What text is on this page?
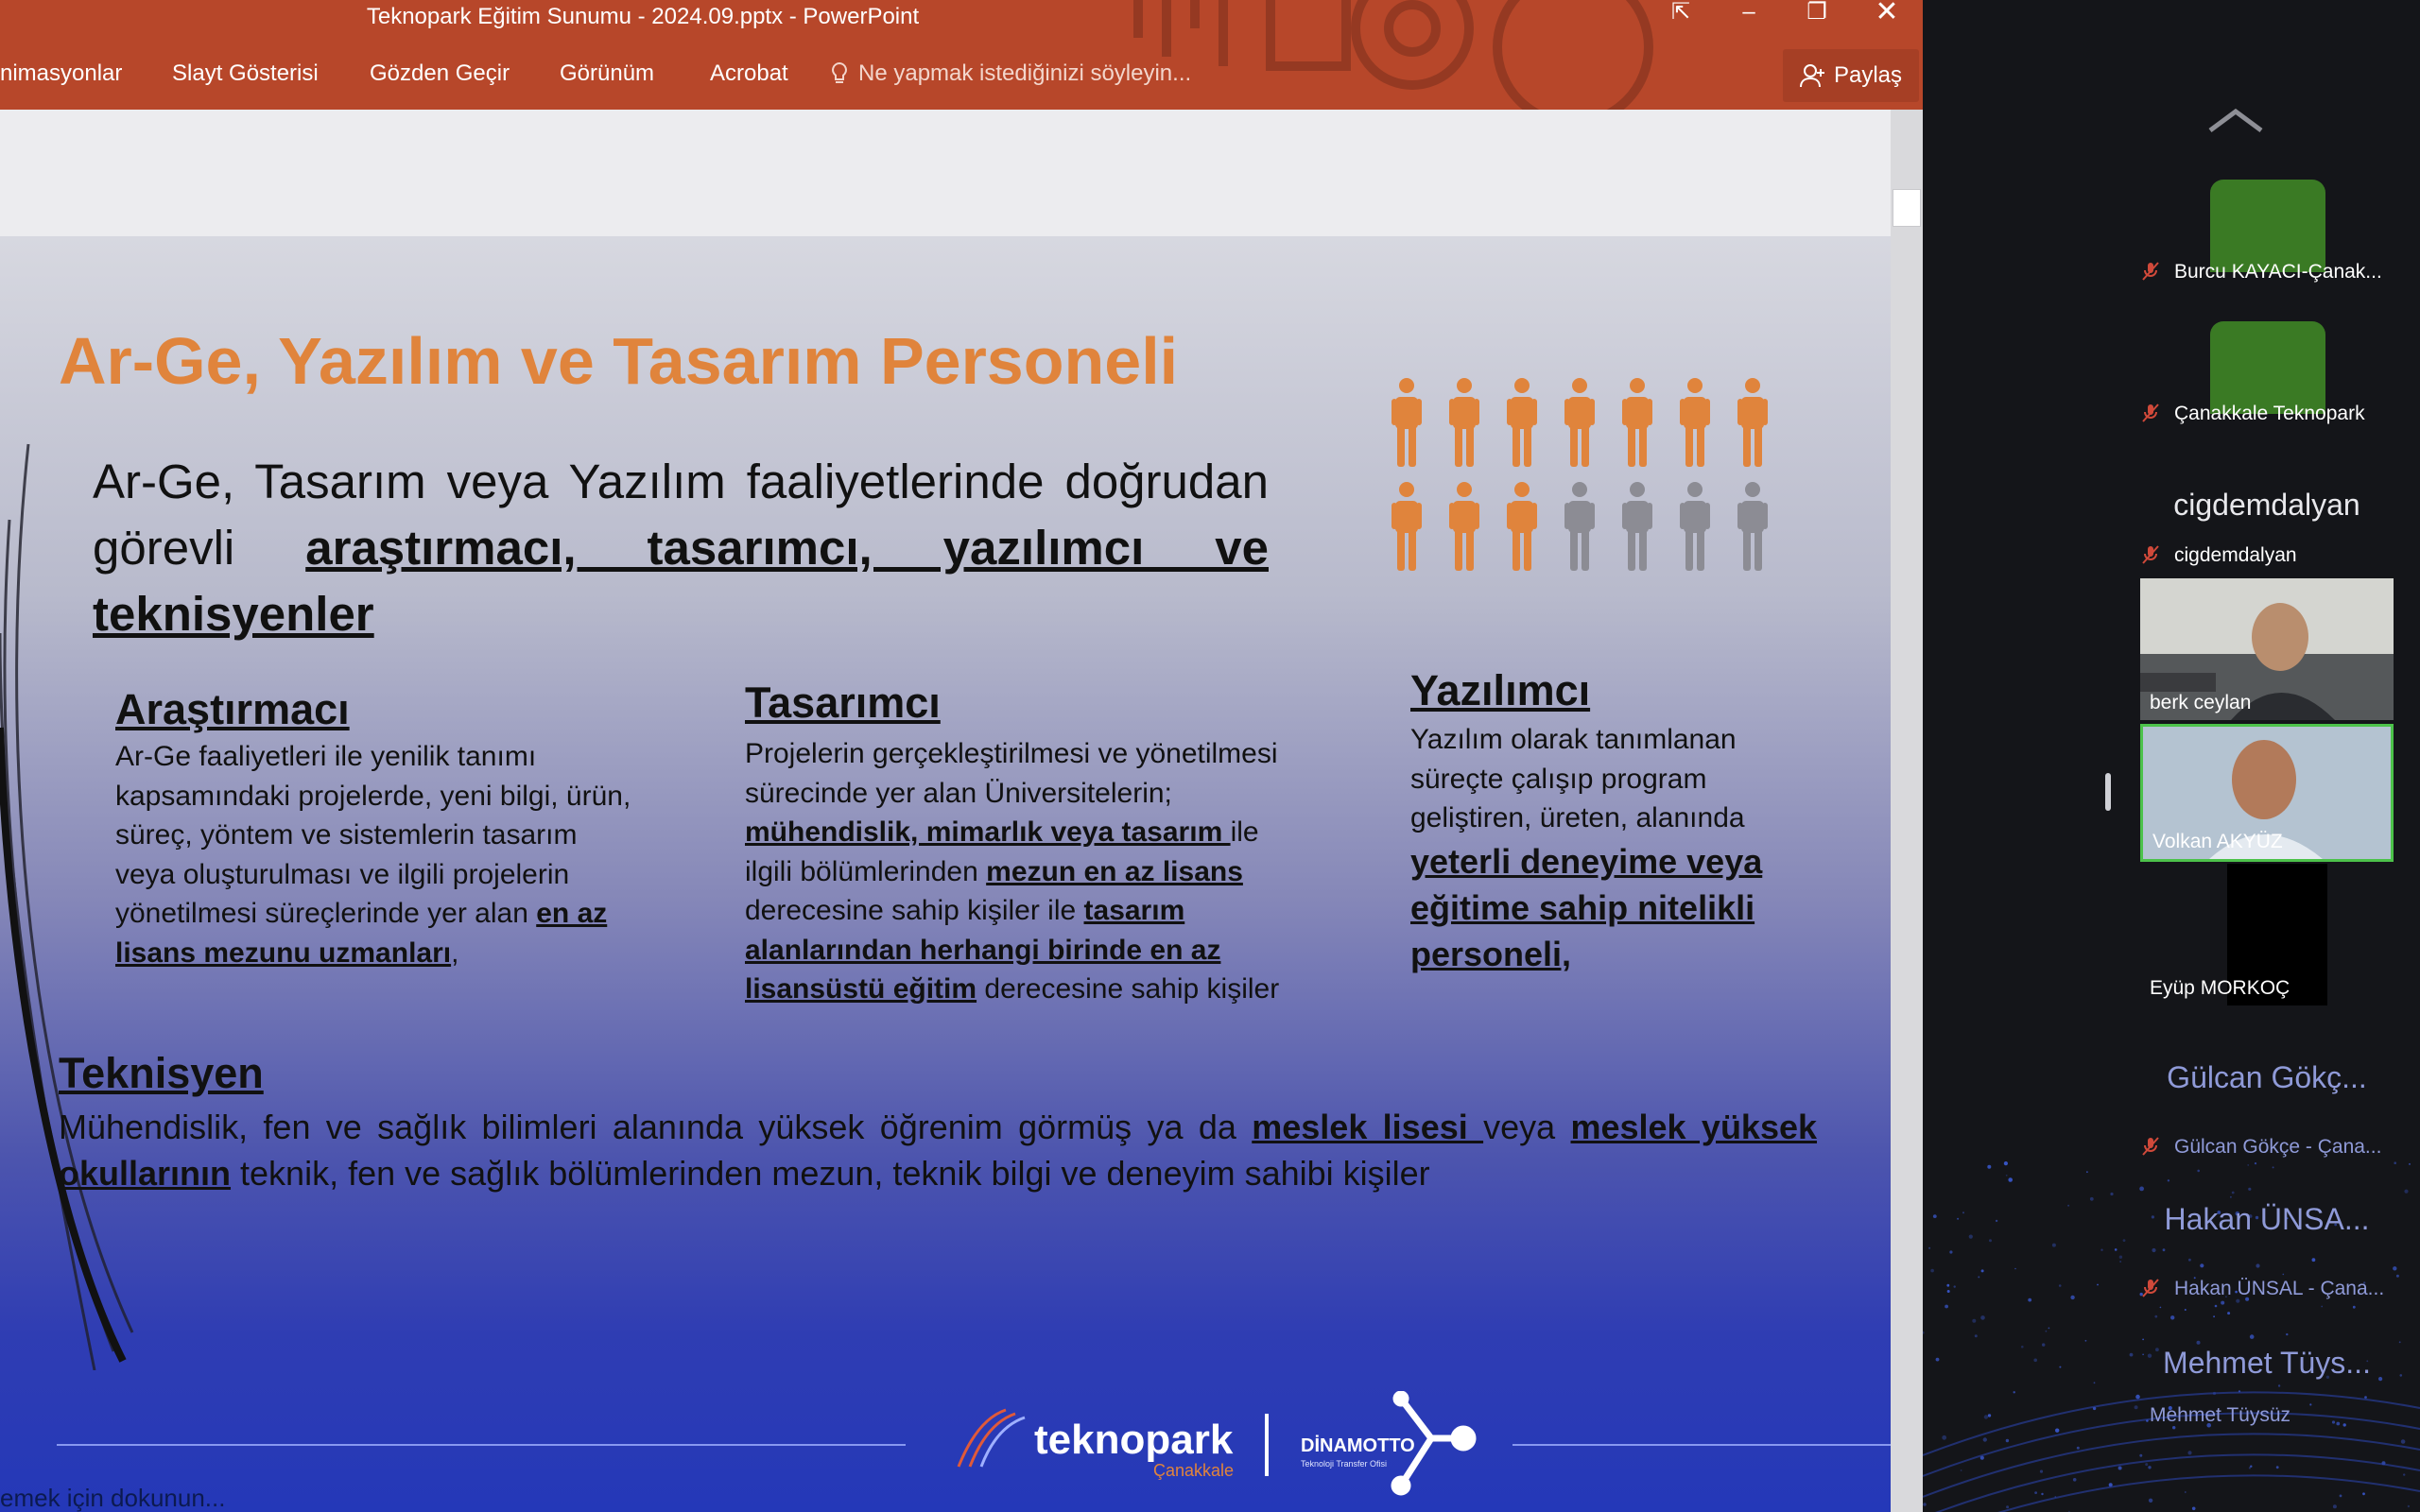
Teknopark Eğitim Sunumu - 2024.09.pptx - PowerPoint	⇱	–	❐	✕
nimasyonlar Slayt Gösterisi Gözden Geçir Görünüm Acrobat	Ne yapmak istediğinizi söyleyin...	Paylaş
Ar-Ge, Yazılım ve Tasarım Personeli
Ar-Ge, Tasarım veya Yazılım faaliyetlerinde doğrudan görevli araştırmacı, tasarımcı, yazılımcı ve teknisyenler
Araştırmacı
Ar-Ge faaliyetleri ile yenilik tanımı kapsamındaki projelerde, yeni bilgi, ürün, süreç, yöntem ve sistemlerin tasarım veya oluşturulması ve ilgili projelerin yönetilmesi süreçlerinde yer alan en az lisans mezunu uzmanları,
Tasarımcı
Projelerin gerçekleştirilmesi ve yönetilmesi sürecinde yer alan Üniversitelerin; mühendislik, mimarlık veya tasarım ile ilgili bölümlerinden mezun en az lisans derecesine sahip kişiler ile tasarım alanlarından herhangi birinde en az lisansüstü eğitim derecesine sahip kişiler
Yazılımcı
Yazılım olarak tanımlanan süreçte çalışıp program geliştiren, üreten, alanında yeterli deneyime veya eğitime sahip nitelikli personeli,
Teknisyen
Mühendislik, fen ve sağlık bilimleri alanında yüksek öğrenim görmüş ya da meslek lisesi veya meslek yüksek okullarının teknik, fen ve sağlık bölümlerinden mezun, teknik bilgi ve deneyim sahibi kişiler
teknopark
Çanakkale
DİNAMOTTO
Teknoloji Transfer Ofisi
emek için dokunun...
Burcu KAYACI-Çanak...
Çanakkale Teknopark
cigdemdalyan
cigdemdalyan
berk ceylan
Volkan AKYÜZ
Eyüp MORKOÇ
Gülcan Gökç...
Gülcan Gökçe - Çana...
Hakan ÜNSA...
Hakan ÜNSAL - Çana...
Mehmet Tüys...
Mehmet Tüysüz
